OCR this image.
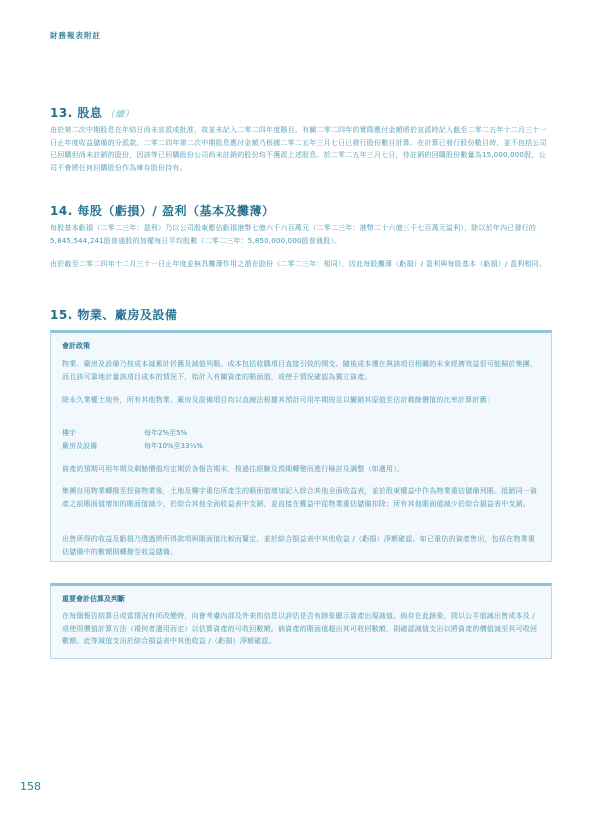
財務報表附註
13. 股息 （續）
由於第二次中期股息在年結日尚未宣派或批准，故並未記入二零二四年度賬目。有關二零二四年的實際應付金額將於宣派時記入截至二零二五年十二月三十一日止年度收益儲備的分派款。二零二四年第二次中期股息應付金額乃根據二零二五年三月七日已發行股份數目計算。在計算已發行股份數目時，並不包括公司已回購但尚未註銷的股份，因該等已回購股份公司尚未註銷的股份均不獲派上述股息。於二零二五年三月七日，待註銷的回購股份數量為15,000,000股，公司不會將任何回購股份作為庫存股份持有。
14. 每股（虧損）/ 盈利（基本及攤薄）
每股基本虧損（二零二三年：盈利）乃以公司股東應佔虧損港幣七億六千六百萬元（二零二三年：港幣二十六億三千七百萬元溢利），除以於年內已發行的5,845,544,241股普通股的加權每日平均股數（二零二三年：5,850,000,000股普通股）。
由於截至二零二四年十二月三十一日止年度並無具攤薄作用之潛在股份（二零二三年：相同），因此每股攤薄（虧損）/ 盈利與每股基本（虧損）/ 盈利相同。
15. 物業、廠房及設備
會計政策
物業、廠房及設備乃按成本減累計折舊及減值列賬。成本包括收購項目直接引致的開支。隨後成本僅在與該項目相關的未來經濟效益很可能歸於集團，而且該可靠地計量該項目成本的情況下，始計入有關資產的賬面值，或使于情況確認為獨立資產。
除永久業權土地外，所有其他物業、廠房及設備項目均以直線法根據其預計可用年期按足以撇銷其原值至估計剩餘價值的比率計算折舊：
樓宇	每年2%至5%
廠房及設備	每年10%至33⅓%
資產的預期可用年期及剩餘價值均定期於各報告期末，按過往經驗及預期轉變而進行檢討及調整（如適用）。
集團自用物業轉撥至投資物業後，土地及樓宇重估所產生的賬面值增加記入綜合其他全面收益表，並於股東權益中作為物業重估儲備列賬。抵銷同一資產之前賬面值增加的賬面值減少，於綜合其他全面收益表中支銷，並直接在權益中從物業重估儲備扣除；所有其他賬面值減少於綜合損益表中支銷。
出售所得的收益及虧損乃透過將所得款項與賬面值比較而釐定，並於綜合損益表中其他收益 /（虧損）淨額確認。如已重估的資產售出，包括在物業重估儲備中的數額則轉撥至收益儲備。
重要會計估算及判斷
在每個報告結算日或當情況有所改變時，向會考慮內部及外來的信息以評估是否有跡象顯示資產出現減值。倘存在此跡象，則以公平值減出售成本及 / 或使用價值計算方法（視何者適用而定）以估算資產的可收回數額。倘資產的賬面值超出其可收回數額，則確認減值支出以將資產的價值減至其可收回數額。此等減值支出於綜合損益表中其他收益 /（虧損）淨額確認。
158
